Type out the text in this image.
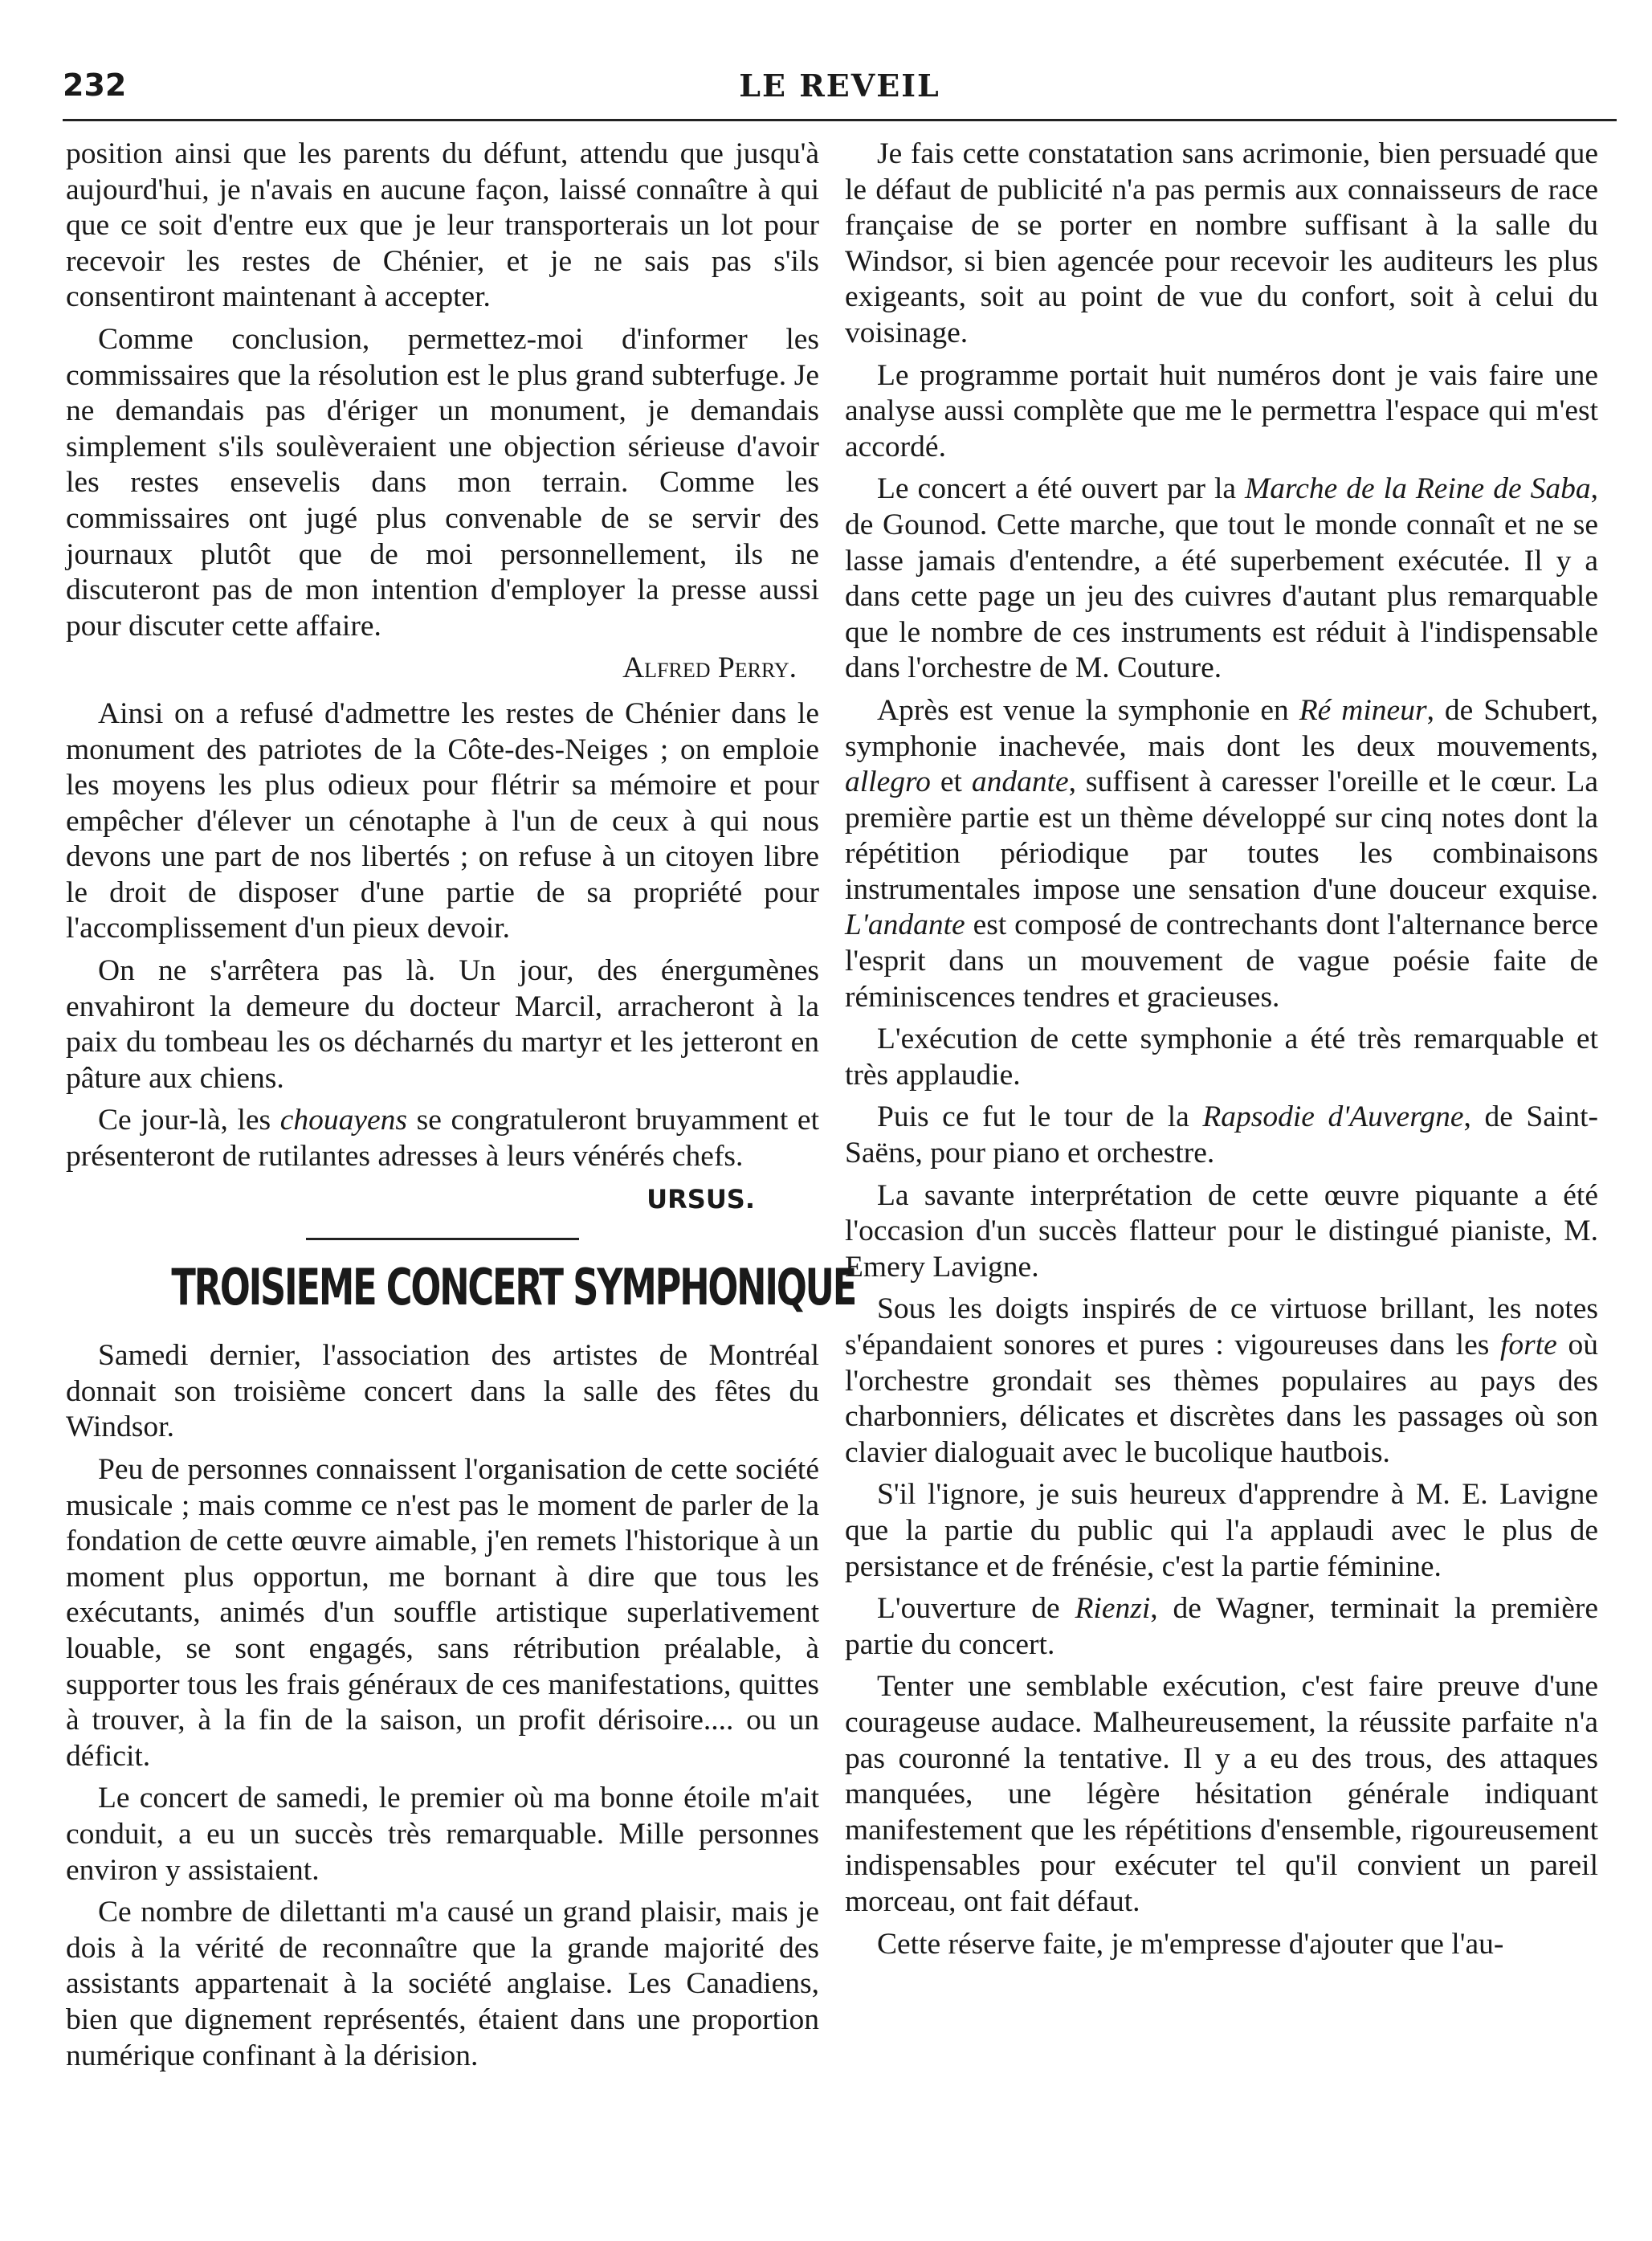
232	LE REVEIL

position ainsi que les parents du défunt, attendu que jusqu'à aujourd'hui, je n'avais en aucune façon, laissé connaître à qui que ce soit d'entre eux que je leur transporterais un lot pour recevoir les restes de Chénier, et je ne sais pas s'ils consentiront maintenant à accepter.

Comme conclusion, permettez-moi d'informer les commissaires que la résolution est le plus grand subterfuge. Je ne demandais pas d'ériger un monument, je demandais simplement s'ils soulèveraient une objection sérieuse d'avoir les restes ensevelis dans mon terrain. Comme les commissaires ont jugé plus convenable de se servir des journaux plutôt que de moi personnellement, ils ne discuteront pas de mon intention d'employer la presse aussi pour discuter cette affaire.

Alfred Perry.

Ainsi on a refusé d'admettre les restes de Chénier dans le monument des patriotes de la Côte-des-Neiges ; on emploie les moyens les plus odieux pour flétrir sa mémoire et pour empêcher d'élever un cénotaphe à l'un de ceux à qui nous devons une part de nos libertés ; on refuse à un citoyen libre le droit de disposer d'une partie de sa propriété pour l'accomplissement d'un pieux devoir.

On ne s'arrêtera pas là. Un jour, des énergumènes envahiront la demeure du docteur Marcil, arracheront à la paix du tombeau les os décharnés du martyr et les jetteront en pâture aux chiens.

Ce jour-là, les chouayens se congratuleront bruyamment et présenteront de rutilantes adresses à leurs vénérés chefs.

URSUS.

TROISIEME CONCERT SYMPHONIQUE

Samedi dernier, l'association des artistes de Montréal donnait son troisième concert dans la salle des fêtes du Windsor.

Peu de personnes connaissent l'organisation de cette société musicale ; mais comme ce n'est pas le moment de parler de la fondation de cette œuvre aimable, j'en remets l'historique à un moment plus opportun, me bornant à dire que tous les exécutants, animés d'un souffle artistique superlativement louable, se sont engagés, sans rétribution préalable, à supporter tous les frais généraux de ces manifestations, quittes à trouver, à la fin de la saison, un profit dérisoire.... ou un déficit.

Le concert de samedi, le premier où ma bonne étoile m'ait conduit, a eu un succès très remarquable. Mille personnes environ y assistaient.

Ce nombre de dilettanti m'a causé un grand plaisir, mais je dois à la vérité de reconnaître que la grande majorité des assistants appartenait à la société anglaise. Les Canadiens, bien que dignement représentés, étaient dans une proportion numérique confinant à la dérision.

Je fais cette constatation sans acrimonie, bien persuadé que le défaut de publicité n'a pas permis aux connaisseurs de race française de se porter en nombre suffisant à la salle du Windsor, si bien agencée pour recevoir les auditeurs les plus exigeants, soit au point de vue du confort, soit à celui du voisinage.

Le programme portait huit numéros dont je vais faire une analyse aussi complète que me le permettra l'espace qui m'est accordé.

Le concert a été ouvert par la Marche de la Reine de Saba, de Gounod. Cette marche, que tout le monde connaît et ne se lasse jamais d'entendre, a été superbement exécutée. Il y a dans cette page un jeu des cuivres d'autant plus remarquable que le nombre de ces instruments est réduit à l'indispensable dans l'orchestre de M. Couture.

Après est venue la symphonie en Ré mineur, de Schubert, symphonie inachevée, mais dont les deux mouvements, allegro et andante, suffisent à caresser l'oreille et le cœur. La première partie est un thème développé sur cinq notes dont la répétition périodique par toutes les combinaisons instrumentales impose une sensation d'une douceur exquise. L'andante est composé de contrechants dont l'alternance berce l'esprit dans un mouvement de vague poésie faite de réminiscences tendres et gracieuses.

L'exécution de cette symphonie a été très remarquable et très applaudie.

Puis ce fut le tour de la Rapsodie d'Auvergne, de Saint-Saëns, pour piano et orchestre.

La savante interprétation de cette œuvre piquante a été l'occasion d'un succès flatteur pour le distingué pianiste, M. Emery Lavigne.

Sous les doigts inspirés de ce virtuose brillant, les notes s'épandaient sonores et pures : vigoureuses dans les forte où l'orchestre grondait ses thèmes populaires au pays des charbonniers, délicates et discrètes dans les passages où son clavier dialoguait avec le bucolique hautbois.

S'il l'ignore, je suis heureux d'apprendre à M. E. Lavigne que la partie du public qui l'a applaudi avec le plus de persistance et de frénésie, c'est la partie féminine.

L'ouverture de Rienzi, de Wagner, terminait la première partie du concert.

Tenter une semblable exécution, c'est faire preuve d'une courageuse audace. Malheureusement, la réussite parfaite n'a pas couronné la tentative. Il y a eu des trous, des attaques manquées, une légère hésitation générale indiquant manifestement que les répétitions d'ensemble, rigoureusement indispensables pour exécuter tel qu'il convient un pareil morceau, ont fait défaut.

Cette réserve faite, je m'empresse d'ajouter que l'au-
